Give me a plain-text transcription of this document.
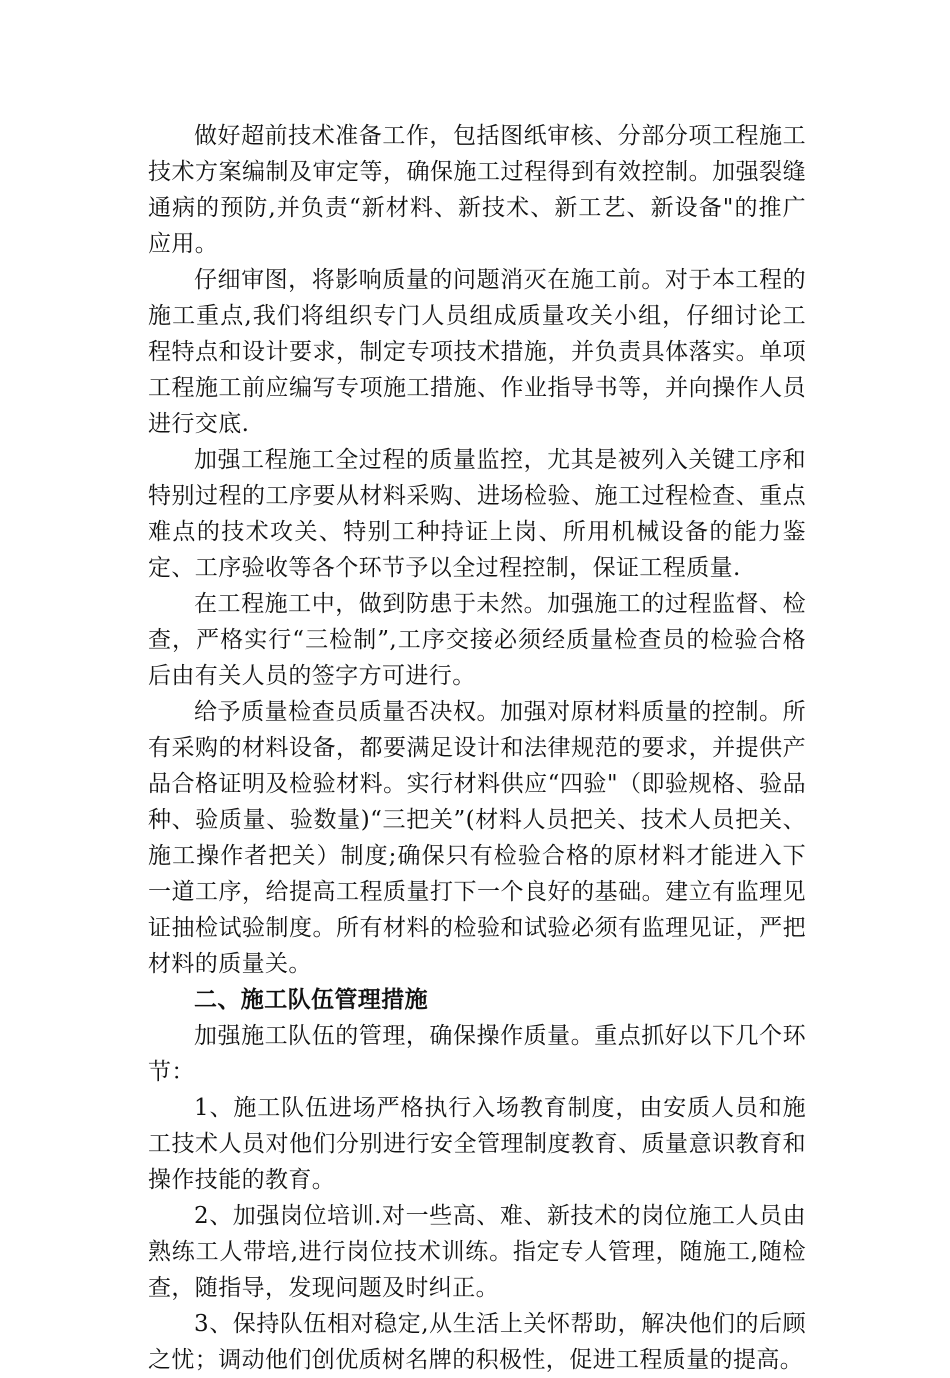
做好超前技术准备工作，包括图纸审核、分部分项工程施工技术方案编制及审定等，确保施工过程得到有效控制。加强裂缝通病的预防,并负责“新材料、新技术、新工艺、新设备"的推广应用。

仔细审图，将影响质量的问题消灭在施工前。对于本工程的施工重点,我们将组织专门人员组成质量攻关小组，仔细讨论工程特点和设计要求，制定专项技术措施，并负责具体落实。单项工程施工前应编写专项施工措施、作业指导书等，并向操作人员进行交底.

加强工程施工全过程的质量监控，尤其是被列入关键工序和特别过程的工序要从材料采购、进场检验、施工过程检查、重点难点的技术攻关、特别工种持证上岗、所用机械设备的能力鉴定、工序验收等各个环节予以全过程控制，保证工程质量.

在工程施工中，做到防患于未然。加强施工的过程监督、检查，严格实行“三检制”,工序交接必须经质量检查员的检验合格后由有关人员的签字方可进行。

给予质量检查员质量否决权。加强对原材料质量的控制。所有采购的材料设备，都要满足设计和法律规范的要求，并提供产品合格证明及检验材料。实行材料供应“四验"（即验规格、验品种、验质量、验数量)“三把关”(材料人员把关、技术人员把关、施工操作者把关）制度;确保只有检验合格的原材料才能进入下一道工序，给提高工程质量打下一个良好的基础。建立有监理见证抽检试验制度。所有材料的检验和试验必须有监理见证，严把材料的质量关。

二、施工队伍管理措施

加强施工队伍的管理，确保操作质量。重点抓好以下几个环节：

1、施工队伍进场严格执行入场教育制度，由安质人员和施工技术人员对他们分别进行安全管理制度教育、质量意识教育和操作技能的教育。

2、加强岗位培训.对一些高、难、新技术的岗位施工人员由熟练工人带培,进行岗位技术训练。指定专人管理，随施工,随检查，随指导，发现问题及时纠正。

3、保持队伍相对稳定,从生活上关怀帮助，解决他们的后顾之忧；调动他们创优质树名牌的积极性，促进工程质量的提高。
